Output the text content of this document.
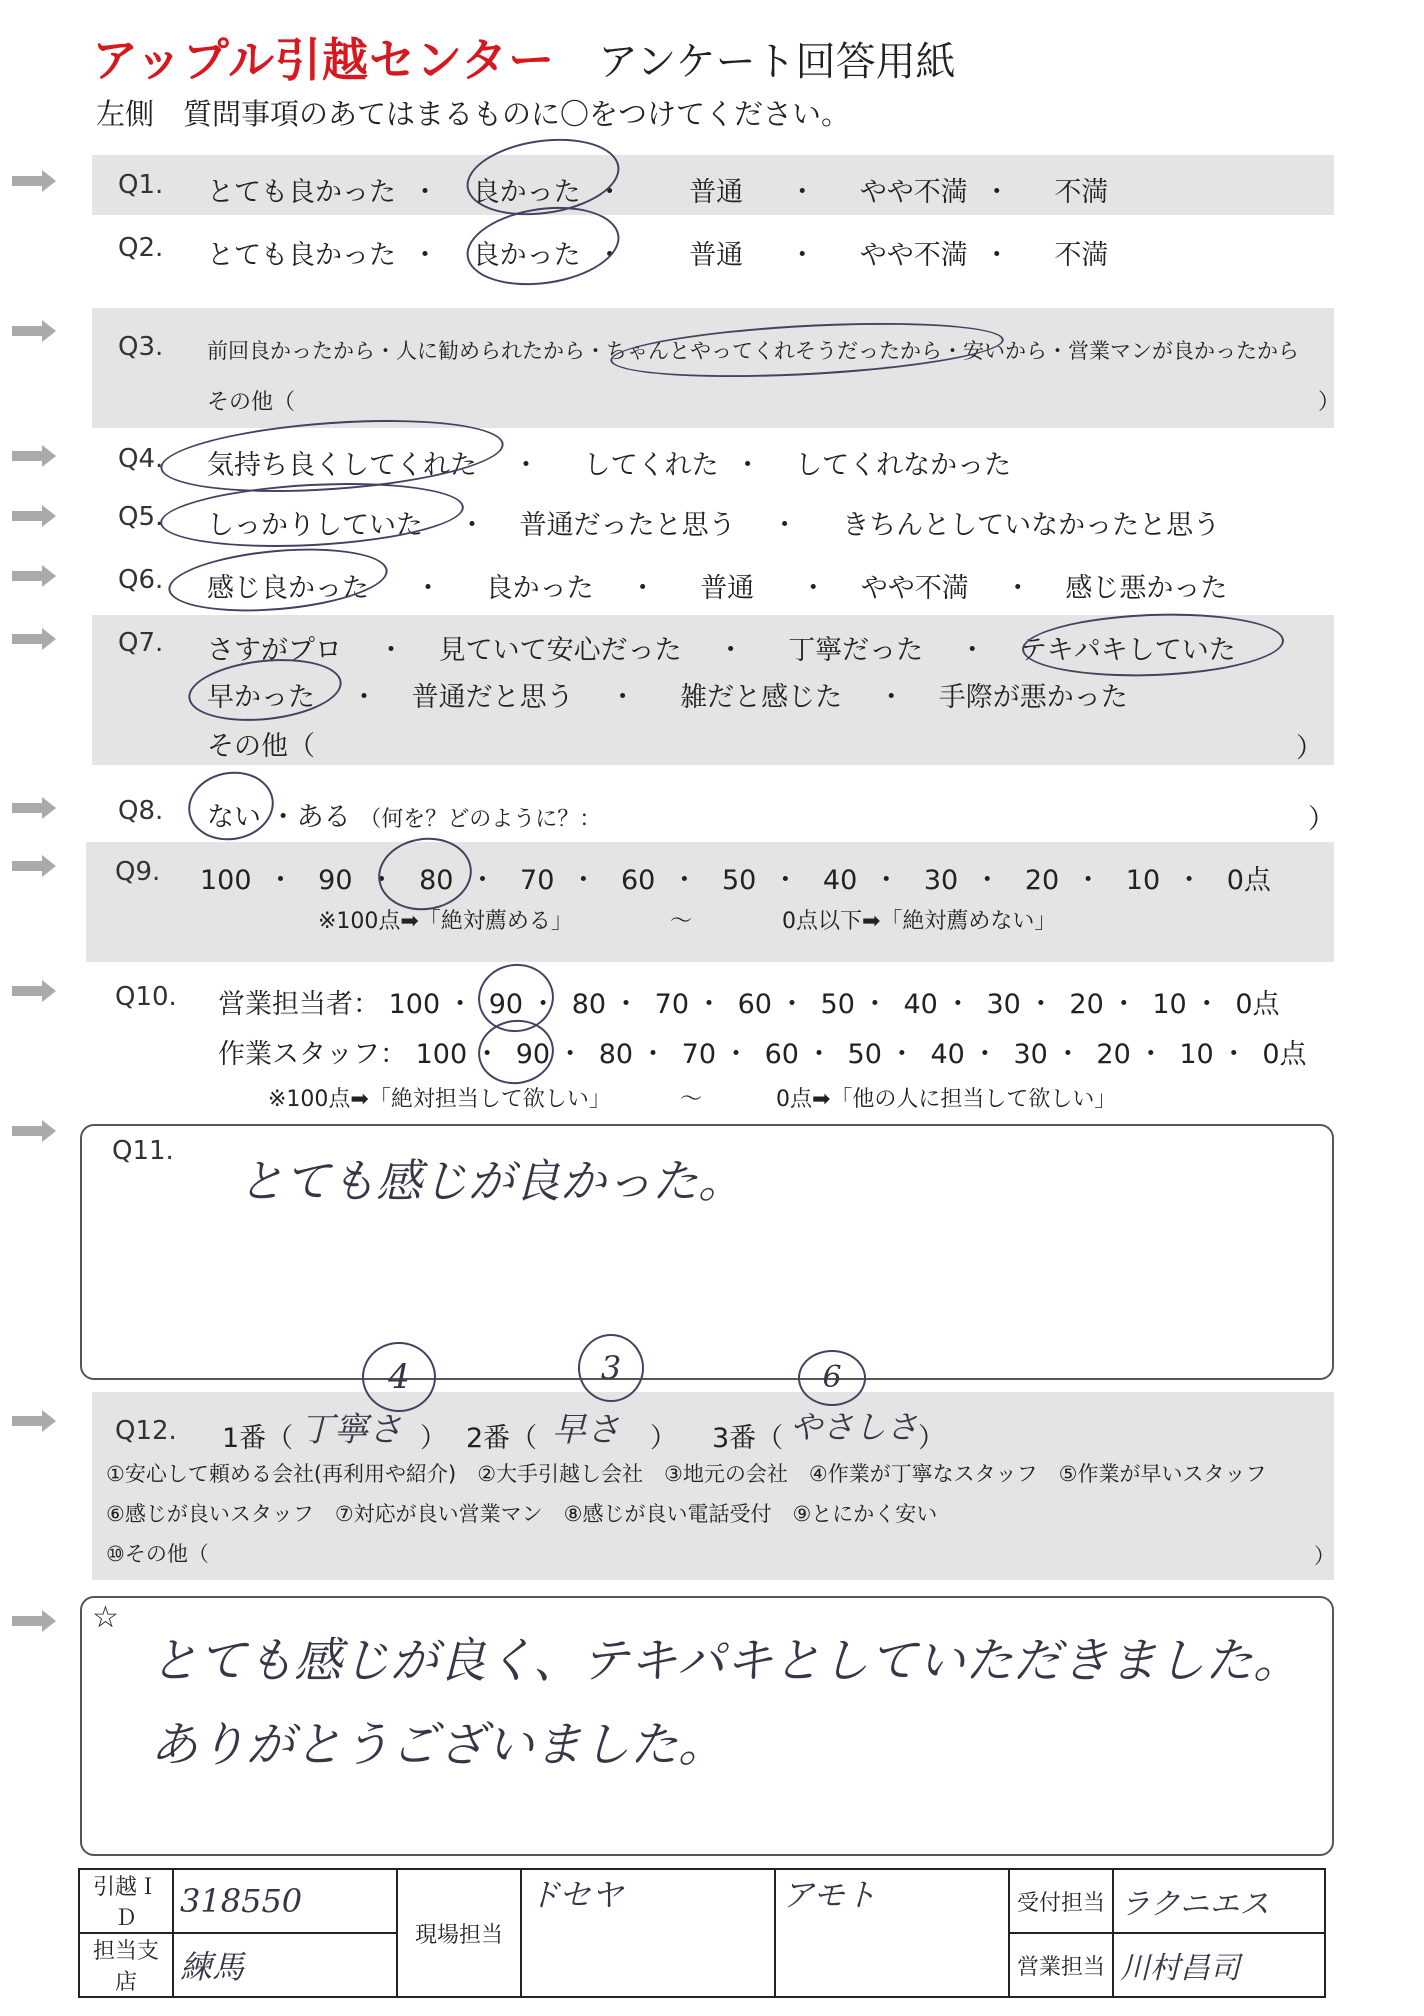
アップル引越センター アンケート回答用紙
左側　質問事項のあてはまるものに〇をつけてください。
Q1. とても良かった ・ 良かった ・ 普通 ・ やや不満 ・ 不満
Q2. とても良かった ・ 良かった ・ 普通 ・ やや不満 ・ 不満
Q3. 前回良かったから・人に勧められたから・ちゃんとやってくれそうだったから・安いから・営業マンが良かったから
その他（	）
Q4. 気持ち良くしてくれた ・ してくれた ・ してくれなかった
Q5. しっかりしていた ・ 普通だったと思う ・ きちんとしていなかったと思う
Q6. 感じ良かった ・ 良かった ・ 普通 ・ やや不満 ・ 感じ悪かった
Q7. さすがプロ ・ 見ていて安心だった ・ 丁寧だった ・ テキパキしていた
早かった ・ 普通だと思う ・ 雑だと感じた ・ 手際が悪かった
その他（	）
Q8. ない ・ある （何を？どのように？：	）
Q9. 100 ・ 90 ・ 80 ・ 70 ・ 60 ・ 50 ・ 40 ・ 30 ・ 20 ・ 10 ・ 0点
※100点➡「絶対薦める」	〜	0点以下➡「絶対薦めない」
Q10. 営業担当者： 100 ・ 90 ・ 80 ・ 70 ・ 60 ・ 50 ・ 40 ・ 30 ・ 20 ・ 10 ・ 0点
作業スタッフ： 100 ・ 90 ・ 80 ・ 70 ・ 60 ・ 50 ・ 40 ・ 30 ・ 20 ・ 10 ・ 0点
※100点➡「絶対担当して欲しい」	〜	0点➡「他の人に担当して欲しい」
Q11.
とても感じが良かった。
Q12. 1番（ 丁寧さ ） 2番（ 早さ ） 3番（ やさしさ ）
4	3	6
①安心して頼める会社(再利用や紹介)　②大手引越し会社　③地元の会社　④作業が丁寧なスタッフ　⑤作業が早いスタッフ
⑥感じが良いスタッフ　⑦対応が良い営業マン　⑧感じが良い電話受付　⑨とにかく安い
⑩その他（	）
☆
とても感じが良く、テキパキとしていただきました。
ありがとうございました。
引越ＩＤ	318550	現場担当	ドセヤ	アモト	受付担当	ラクニエス
担当支店	練馬				営業担当	川村昌司
